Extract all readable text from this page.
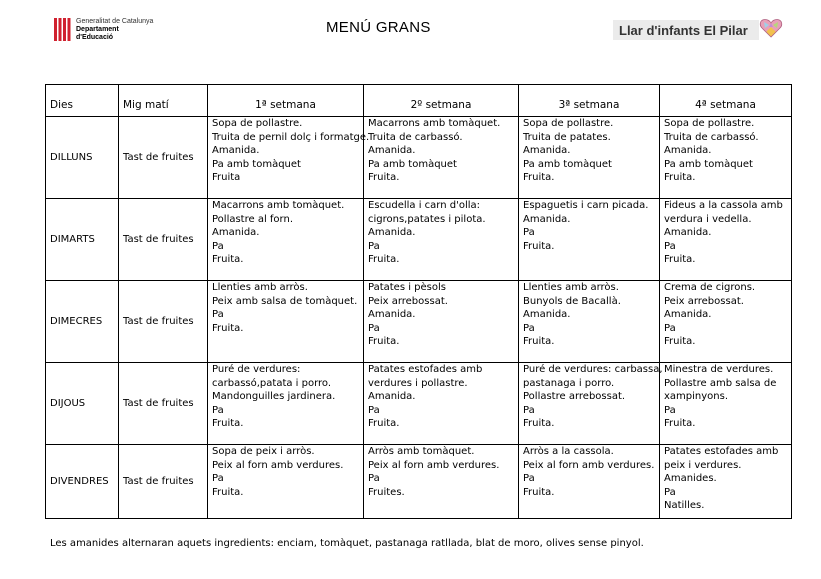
Generalitat de Catalunya
Departament
d'Educació
MENÚ GRANS	Llar d'infants El Pilar
Dies	Mig matí	1ª setmana	2º setmana	3ª setmana	4ª setmana
DILLUNS	Tast de fruites	Sopa de pollastre.
Truita de pernil dolç i formatge.
Amanida.
Pa amb tomàquet
Fruita	Macarrons amb tomàquet.
Truita de carbassó.
Amanida.
Pa amb tomàquet
Fruita.	Sopa de pollastre.
Truita de patates.
Amanida.
Pa amb tomàquet
Fruita.	Sopa de pollastre.
Truita de carbassó.
Amanida.
Pa amb tomàquet
Fruita.

DIMARTS	Tast de fruites	Macarrons amb tomàquet.
Pollastre al forn.
Amanida.
Pa
Fruita.	Escudella i carn d'olla:
cigrons,patates i pilota.
Amanida.
Pa
Fruita.	Espaguetis i carn picada.
Amanida.
Pa
Fruita.	Fideus a la cassola amb
verdura i vedella.
Amanida.
Pa
Fruita.

DIMECRES	Tast de fruites	Llenties amb arròs.
Peix amb salsa de tomàquet.
Pa
Fruita.	Patates i pèsols
Peix arrebossat.
Amanida.
Pa
Fruita.	Llenties amb arròs.
Bunyols de Bacallà.
Amanida.
Pa
Fruita.	Crema de cigrons.
Peix arrebossat.
Amanida.
Pa
Fruita.

DIJOUS	Tast de fruites	Puré de verdures:
carbassó,patata i porro.
Mandonguilles jardinera.
Pa
Fruita.	Patates estofades amb
verdures i pollastre.
Amanida.
Pa
Fruita.	Puré de verdures: carbassa,
pastanaga i porro.
Pollastre arrebossat.
Pa
Fruita.	Minestra de verdures.
Pollastre amb salsa de
xampinyons.
Pa
Fruita.

DIVENDRES	Tast de fruites	Sopa de peix i arròs.
Peix al forn amb verdures.
Pa
Fruita.	Arròs amb tomàquet.
Peix al forn amb verdures.
Pa
Fruites.	Arròs a la cassola.
Peix al forn amb verdures.
Pa
Fruita.	Patates estofades amb
peix i verdures.
Amanides.
Pa
Natilles.
Les amanides alternaran aquets ingredients: enciam, tomàquet, pastanaga ratllada, blat de moro, olives sense pinyol.
